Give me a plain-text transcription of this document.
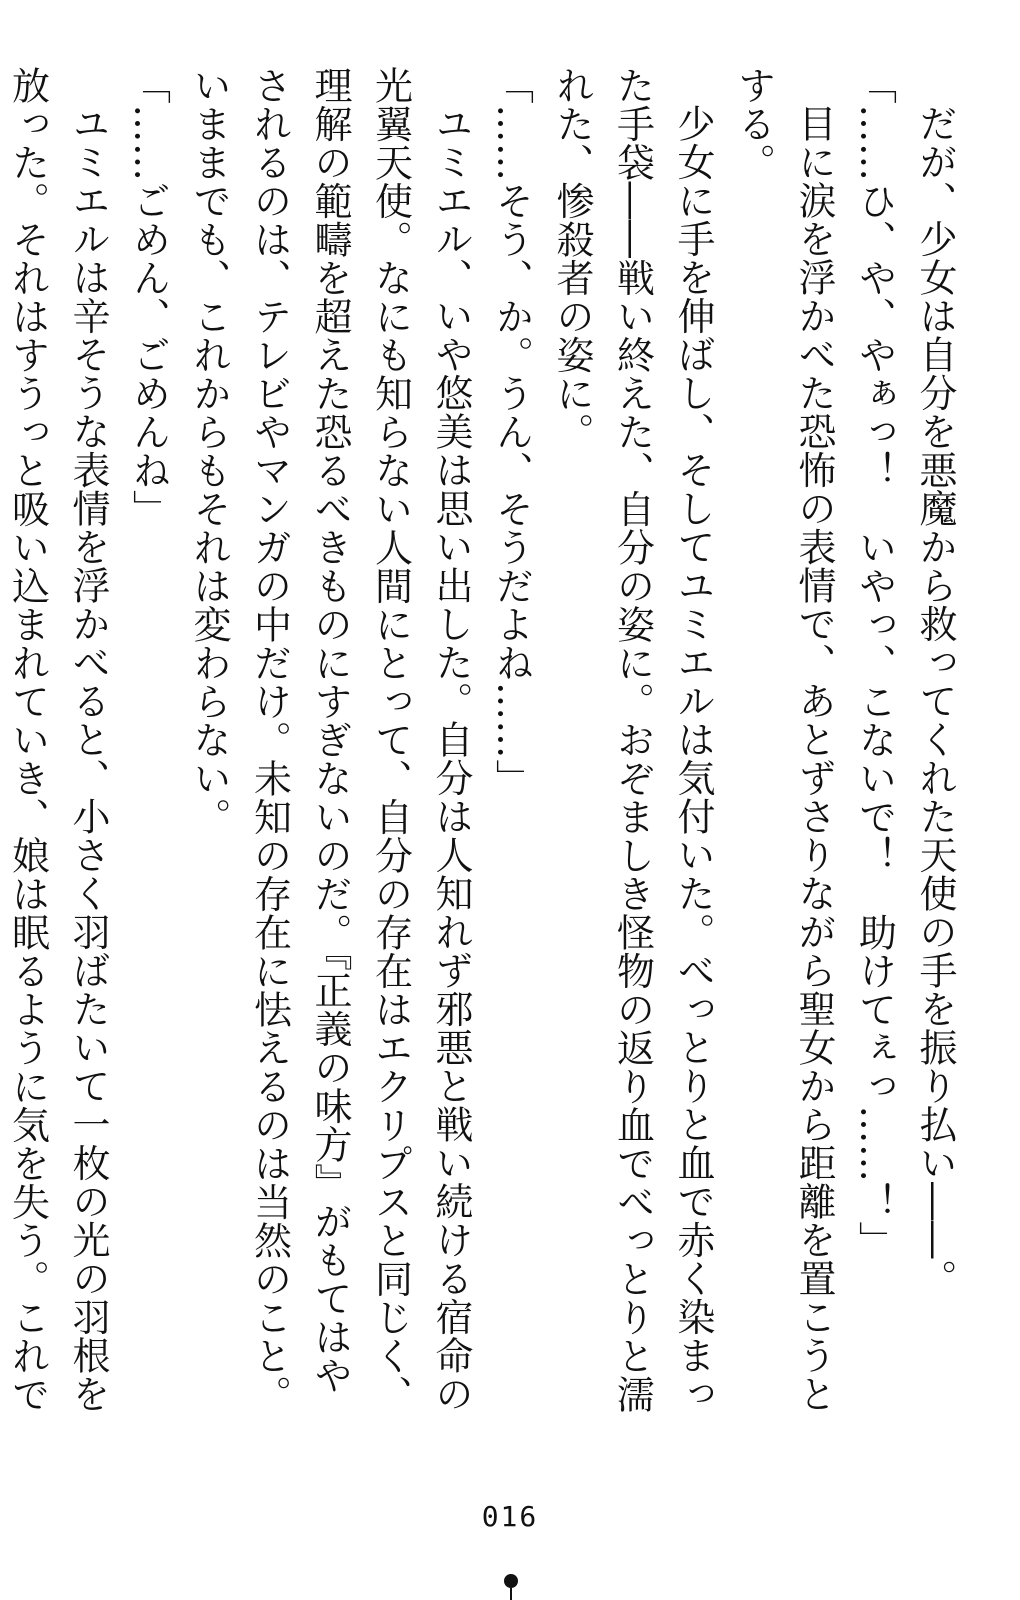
だが、少女は自分を悪魔から救ってくれた天使の手を振り払い――。

「……ひ、や、やぁっ！　いやっ、こないで！　助けてぇっ……！」

目に涙を浮かべた恐怖の表情で、あとずさりながら聖女から距離を置こうとする。

少女に手を伸ばし、そしてユミエルは気付いた。べっとりと血で赤く染まった手袋――戦い終えた、自分の姿に。おぞましき怪物の返り血でべっとりと濡れた、惨殺者の姿に。

「……そう、か。うん、そうだよね……」

ユミエル、いや悠美は思い出した。自分は人知れず邪悪と戦い続ける宿命の光翼天使。なにも知らない人間にとって、自分の存在はエクリプスと同じく、理解の範疇を超えた恐るべきものにすぎないのだ。『正義の味方』がもてはやされるのは、テレビやマンガの中だけ。未知の存在に怯えるのは当然のこと。いままでも、これからもそれは変わらない。

「……ごめん、ごめんね」

ユミエルは辛そうな表情を浮かべると、小さく羽ばたいて一枚の光の羽根を放った。それはすうっと吸い込まれていき、娘は眠るように気を失う。これで

016
